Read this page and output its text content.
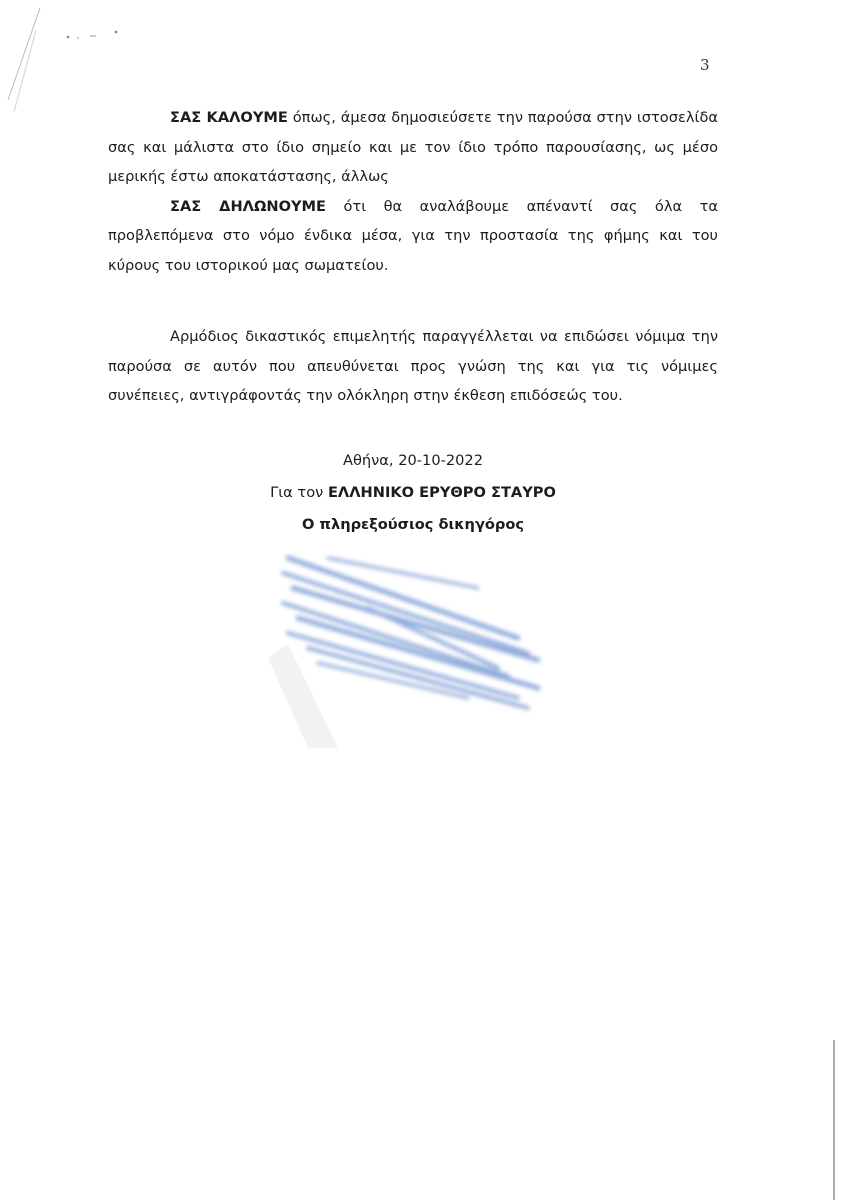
3

ΣΑΣ ΚΑΛΟΥΜΕ όπως, άμεσα δημοσιεύσετε την παρούσα στην ιστοσελίδα σας και μάλιστα στο ίδιο σημείο και με τον ίδιο τρόπο παρουσίασης, ως μέσο μερικής έστω αποκατάστασης, άλλως

ΣΑΣ ΔΗΛΩΝΟΥΜΕ ότι θα αναλάβουμε απέναντί σας όλα τα προβλεπόμενα στο νόμο ένδικα μέσα, για την προστασία της φήμης και του κύρους του ιστορικού μας σωματείου.

Αρμόδιος δικαστικός επιμελητής παραγγέλλεται να επιδώσει νόμιμα την παρούσα σε αυτόν που απευθύνεται προς γνώση της και για τις νόμιμες συνέπειες, αντιγράφοντάς την ολόκληρη στην έκθεση επιδόσεώς του.

Αθήνα, 20-10-2022
Για τον ΕΛΛΗΝΙΚΟ ΕΡΥΘΡΟ ΣΤΑΥΡΟ
Ο πληρεξούσιος δικηγόρος
